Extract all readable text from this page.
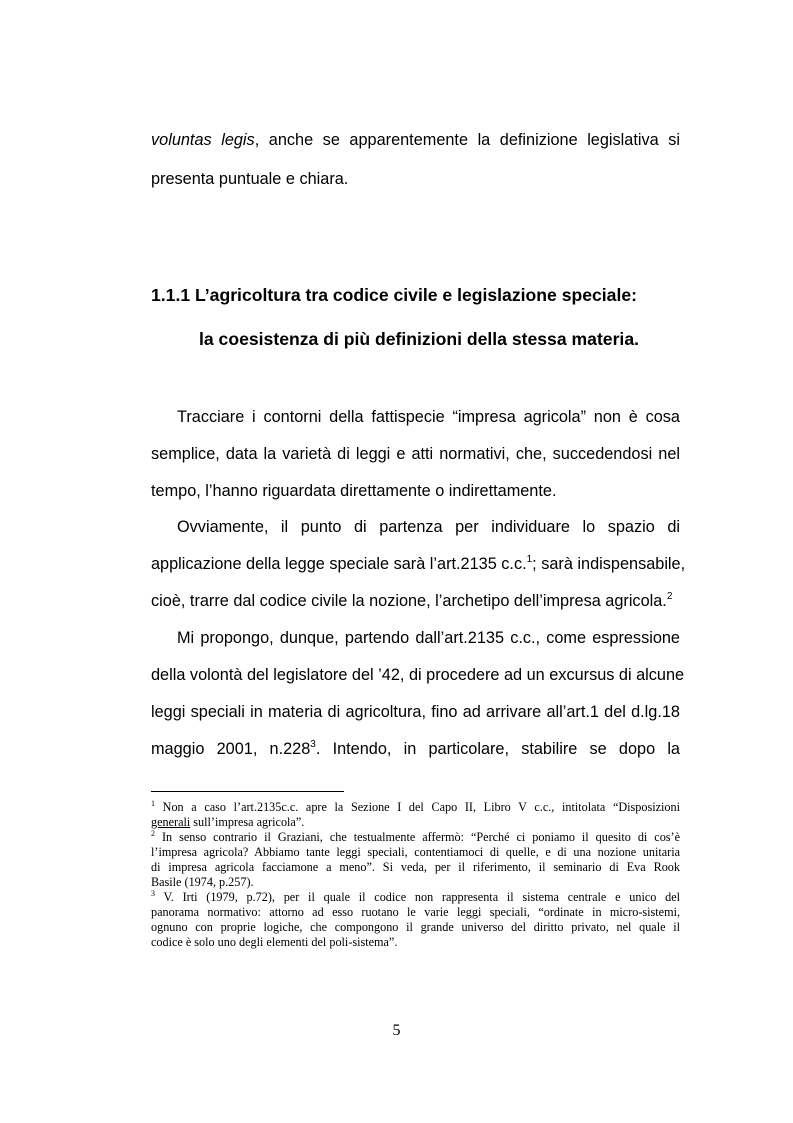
voluntas legis, anche se apparentemente la definizione legislativa si
presenta puntuale e chiara.
1.1.1 L’agricoltura tra codice civile e legislazione speciale:
la coesistenza di più definizioni della stessa materia.
Tracciare i contorni della fattispecie “impresa agricola” non è cosa
semplice, data la varietà di leggi e atti normativi, che, succedendosi nel
tempo, l’hanno riguardata direttamente o indirettamente.
Ovviamente, il punto di partenza per individuare lo spazio di
applicazione della legge speciale sarà l’art.2135 c.c.$^1$; sarà indispensabile,
cioè, trarre dal codice civile la nozione, l’archetipo dell’impresa agricola.$^2$
Mi propongo, dunque, partendo dall’art.2135 c.c., come espressione
della volontà del legislatore del ’42, di procedere ad un excursus di alcune
leggi speciali in materia di agricoltura, fino ad arrivare all’art.1 del d.lg.18
maggio 2001, n.228$^3$. Intendo, in particolare, stabilire se dopo la
$^1$ Non a caso l’art.2135c.c. apre la Sezione I del Capo II, Libro V c.c., intitolata “Disposizioni
generali sull’impresa agricola”.
$^2$ In senso contrario il Graziani, che testualmente affermò: “Perché ci poniamo il quesito di cos’è
l’impresa agricola? Abbiamo tante leggi speciali, contentiamoci di quelle, e di una nozione unitaria
di impresa agricola facciamone a meno”. Si veda, per il riferimento, il seminario di Eva Rook
Basile (1974, p.257).
$^3$ V. Irti (1979, p.72), per il quale il codice non rappresenta il sistema centrale e unico del
panorama normativo: attorno ad esso ruotano le varie leggi speciali, “ordinate in micro-sistemi,
ognuno con proprie logiche, che compongono il grande universo del diritto privato, nel quale il
codice è solo uno degli elementi del poli-sistema”.
5
